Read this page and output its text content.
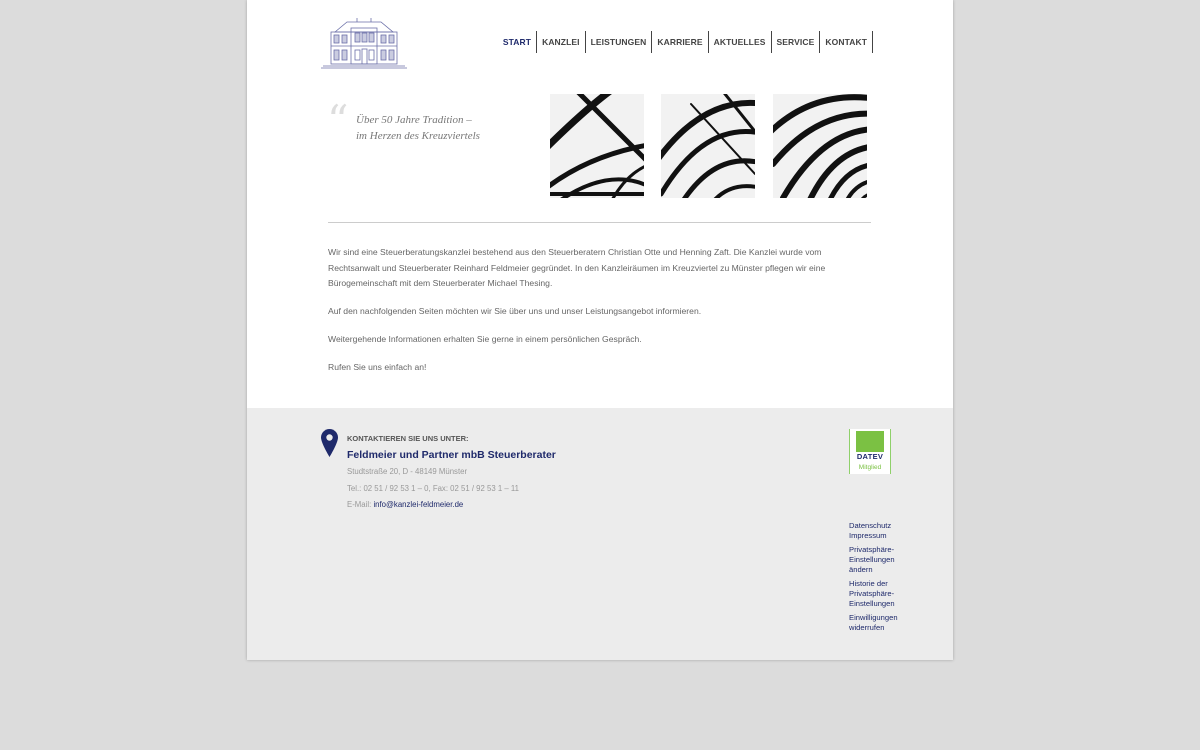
START	KANZLEI	LEISTUNGEN	KARRIERE	AKTUELLES	SERVICE	KONTAKT
“ Über 50 Jahre Tradition –
im Herzen des Kreuzviertels

Wir sind eine Steuerberatungskanzlei bestehend aus den Steuerberatern Christian Otte und Henning Zaft. Die Kanzlei wurde vom Rechtsanwalt und Steuerberater Reinhard Feldmeier gegründet. In den Kanzleiräumen im Kreuzviertel zu Münster pflegen wir eine Bürogemeinschaft mit dem Steuerberater Michael Thesing.

Auf den nachfolgenden Seiten möchten wir Sie über uns und unser Leistungsangebot informieren.

Weitergehende Informationen erhalten Sie gerne in einem persönlichen Gespräch.

Rufen Sie uns einfach an!

KONTAKTIEREN SIE UNS UNTER:
Feldmeier und Partner mbB Steuerberater
Studtstraße 20, D - 48149 Münster
Tel.: 02 51 / 92 53 1 – 0, Fax: 02 51 / 92 53 1 – 11
E-Mail: info@kanzlei-feldmeier.de
DATEV
Mitglied
Datenschutz
Impressum
Privatsphäre-
Einstellungen
ändern
Historie der
Privatsphäre-
Einstellungen
Einwilligungen
widerrufen
